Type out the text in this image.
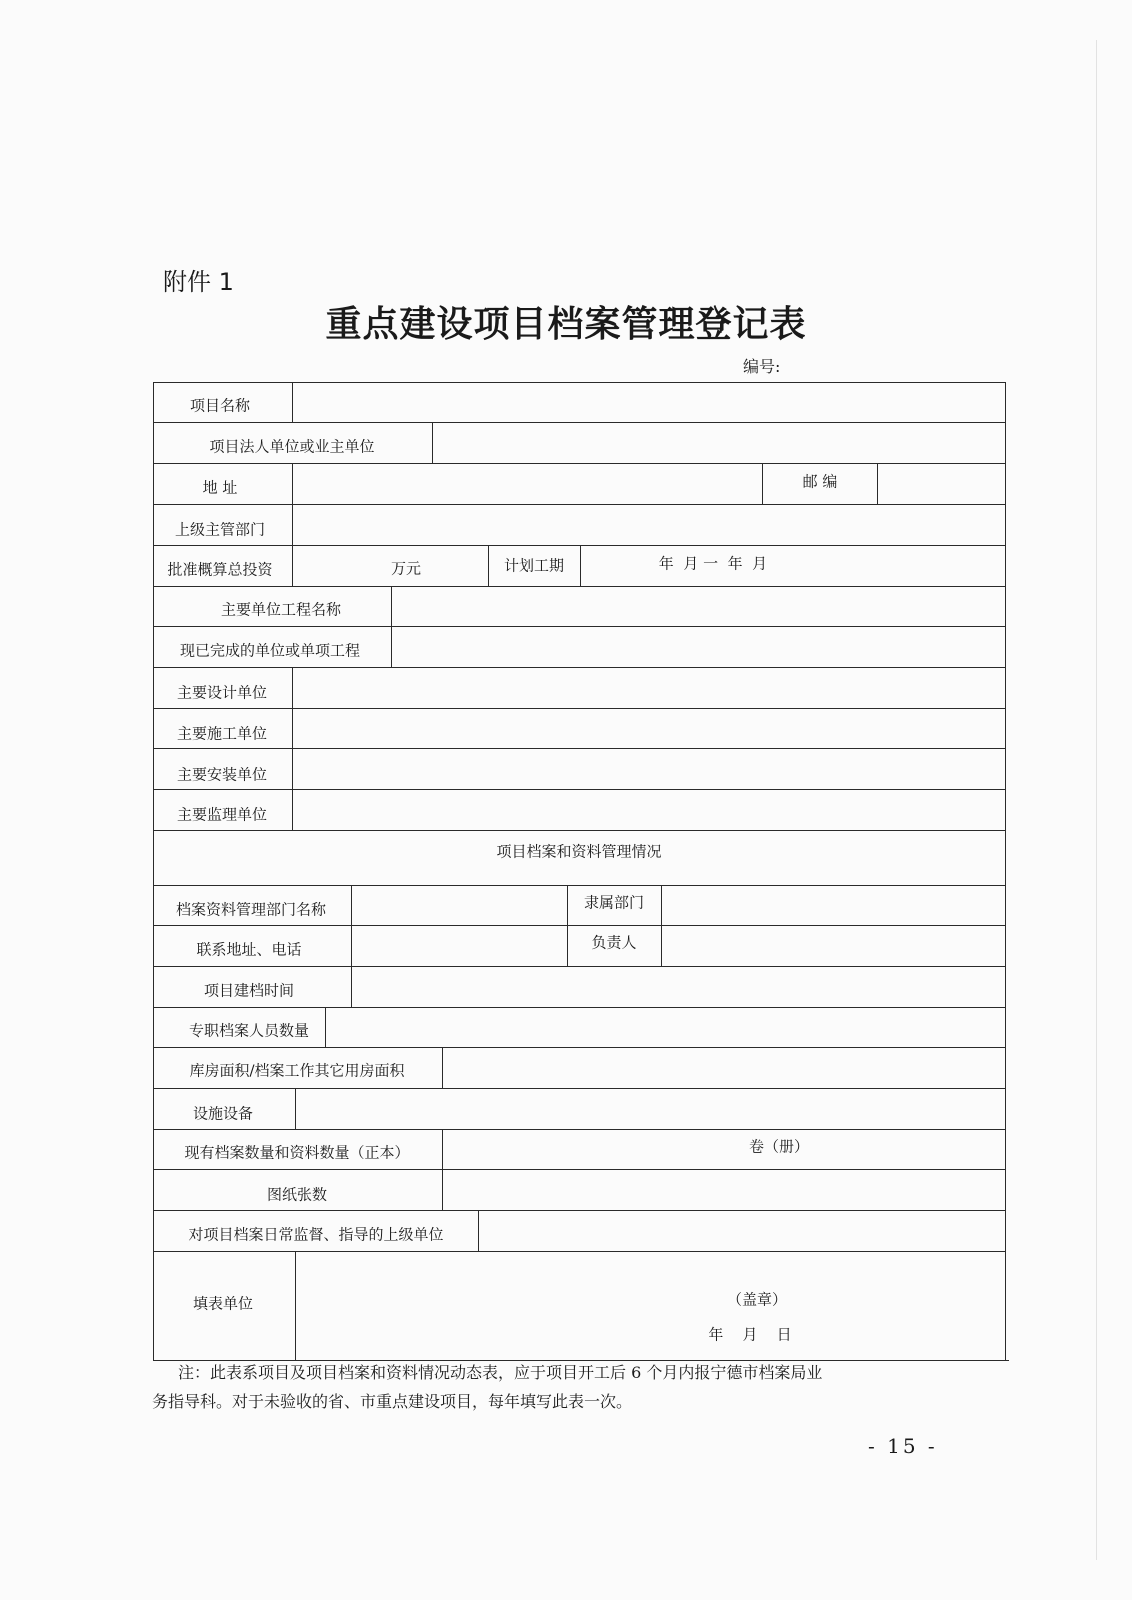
附件 1
重点建设项目档案管理登记表
编号:
项目名称
项目法人单位或业主单位
地 址	邮 编
上级主管部门
批准概算总投资	万元	计划工期	年  月 一  年  月
主要单位工程名称
现已完成的单位或单项工程
主要设计单位
主要施工单位
主要安装单位
主要监理单位
项目档案和资料管理情况
档案资料管理部门名称	隶属部门
联系地址、电话	负责人
项目建档时间
专职档案人员数量
库房面积/档案工作其它用房面积
设施设备
现有档案数量和资料数量（正本）	卷（册）
图纸张数
对项目档案日常监督、指导的上级单位
填表单位	（盖章）
年    月    日
注：此表系项目及项目档案和资料情况动态表，应于项目开工后 6 个月内报宁德市档案局业
务指导科。对于未验收的省、市重点建设项目，每年填写此表一次。
- 15 -
